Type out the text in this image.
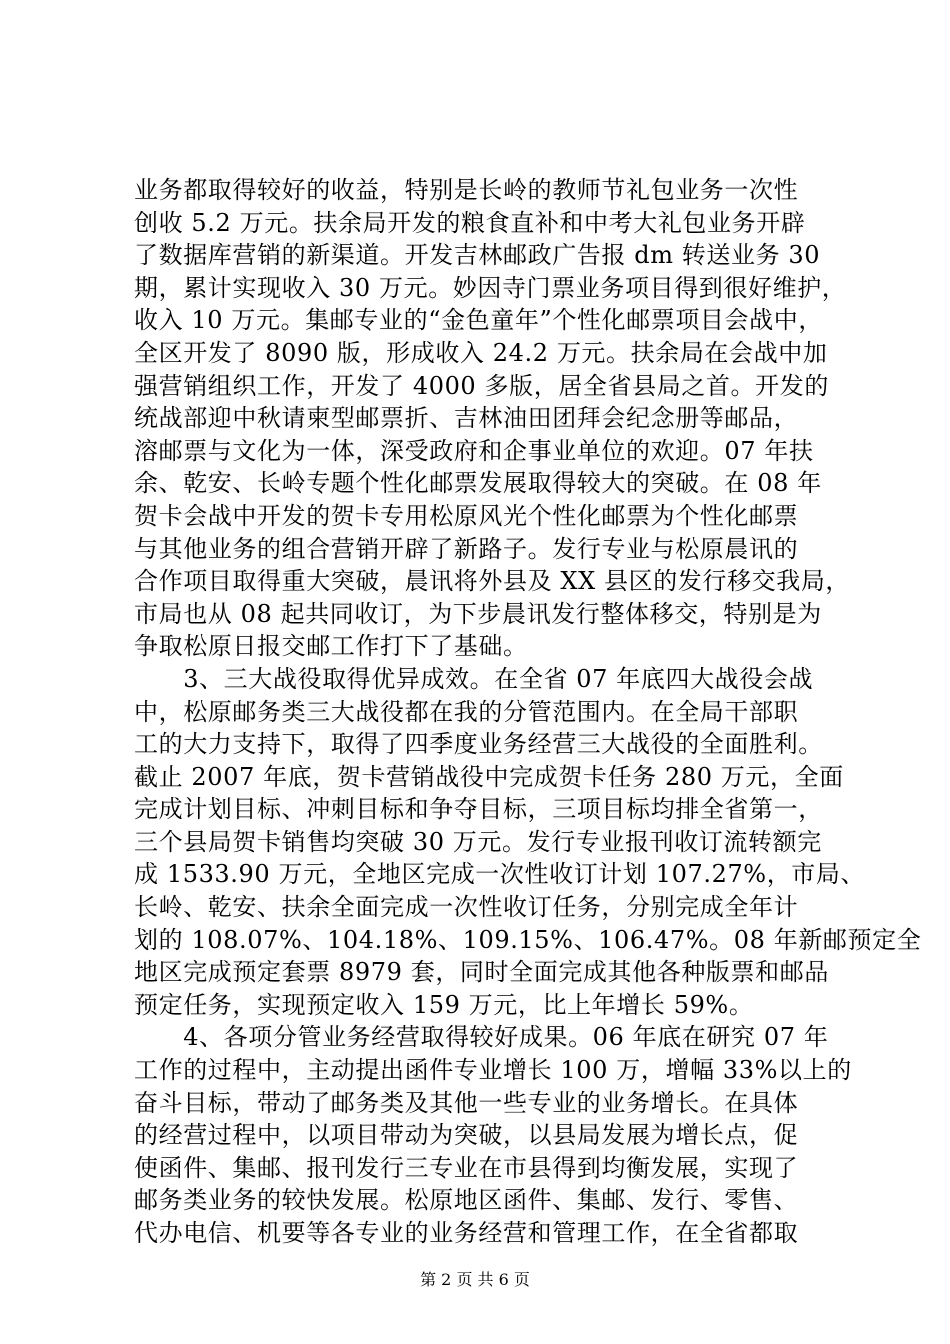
业务都取得较好的收益，特别是长岭的教师节礼包业务一次性
创收 5.2 万元。扶余局开发的粮食直补和中考大礼包业务开辟
了数据库营销的新渠道。开发吉林邮政广告报 dm 转送业务 30
期，累计实现收入 30 万元。妙因寺门票业务项目得到很好维护，
收入 10 万元。集邮专业的“金色童年”个性化邮票项目会战中，
全区开发了 8090 版，形成收入 24.2 万元。扶余局在会战中加
强营销组织工作，开发了 4000 多版，居全省县局之首。开发的
统战部迎中秋请柬型邮票折、吉林油田团拜会纪念册等邮品，
溶邮票与文化为一体，深受政府和企事业单位的欢迎。07 年扶
余、乾安、长岭专题个性化邮票发展取得较大的突破。在 08 年
贺卡会战中开发的贺卡专用松原风光个性化邮票为个性化邮票
与其他业务的组合营销开辟了新路子。发行专业与松原晨讯的
合作项目取得重大突破，晨讯将外县及 XX 县区的发行移交我局，
市局也从 08 起共同收订，为下步晨讯发行整体移交，特别是为
争取松原日报交邮工作打下了基础。
　　3、三大战役取得优异成效。在全省 07 年底四大战役会战
中，松原邮务类三大战役都在我的分管范围内。在全局干部职
工的大力支持下，取得了四季度业务经营三大战役的全面胜利。
截止 2007 年底，贺卡营销战役中完成贺卡任务 280 万元，全面
完成计划目标、冲刺目标和争夺目标，三项目标均排全省第一，
三个县局贺卡销售均突破 30 万元。发行专业报刊收订流转额完
成 1533.90 万元，全地区完成一次性收订计划 107.27%，市局、
长岭、乾安、扶余全面完成一次性收订任务，分别完成全年计
划的 108.07%、104.18%、109.15%、106.47%。08 年新邮预定全
地区完成预定套票 8979 套，同时全面完成其他各种版票和邮品
预定任务，实现预定收入 159 万元，比上年增长 59%。
　　4、各项分管业务经营取得较好成果。06 年底在研究 07 年
工作的过程中，主动提出函件专业增长 100 万，增幅 33%以上的
奋斗目标，带动了邮务类及其他一些专业的业务增长。在具体
的经营过程中，以项目带动为突破，以县局发展为增长点，促
使函件、集邮、报刊发行三专业在市县得到均衡发展，实现了
邮务类业务的较快发展。松原地区函件、集邮、发行、零售、
代办电信、机要等各专业的业务经营和管理工作，在全省都取
第 2 页 共 6 页
